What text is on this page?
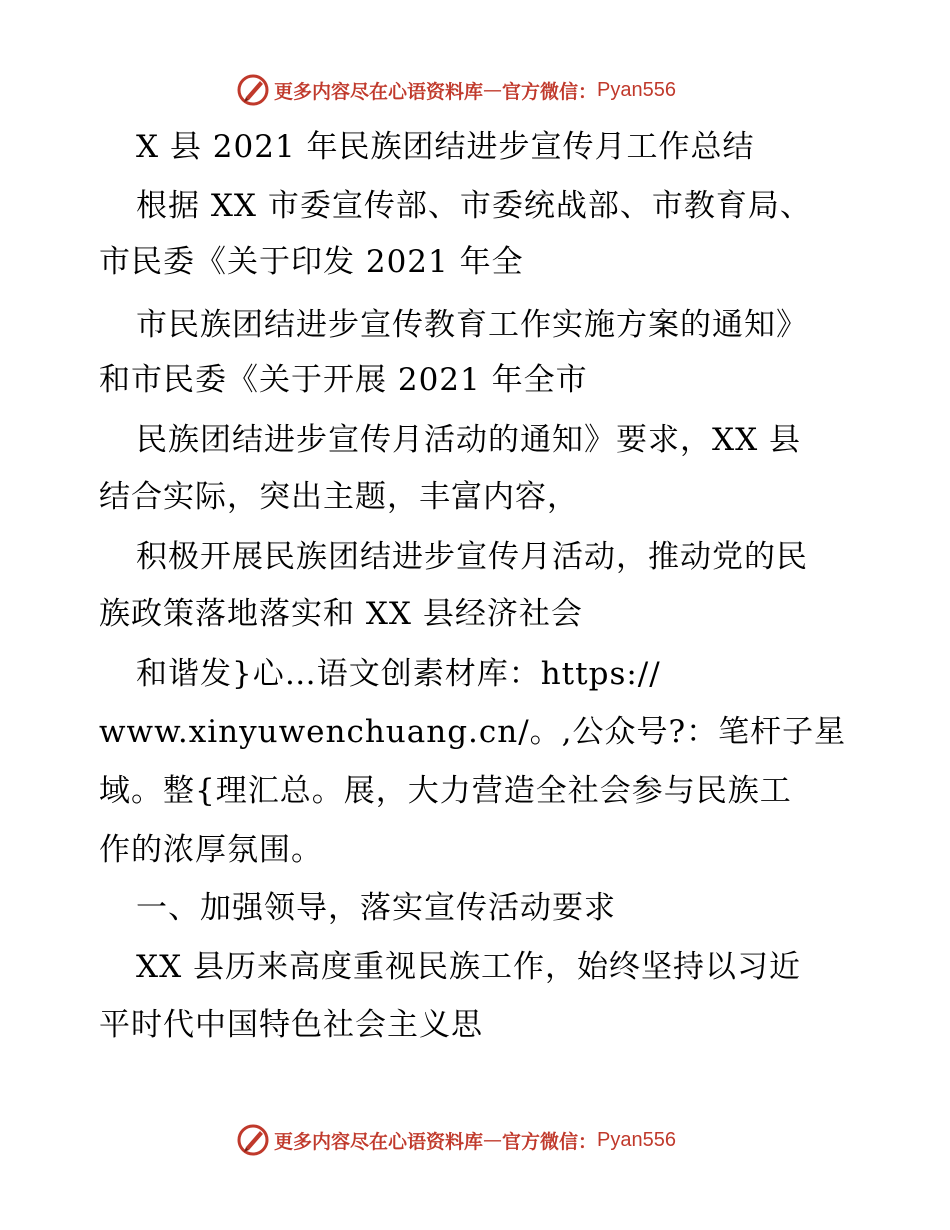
更多内容尽在心语资料库 — 官方微信： Pyan556
X 县 2021 年民族团结进步宣传月工作总结
根据 XX 市委宣传部、市委统战部、市教育局、
市民委《关于印发 2021 年全
市民族团结进步宣传教育工作实施方案的通知》
和市民委《关于开展 2021 年全市
民族团结进步宣传月活动的通知》要求，XX 县
结合实际，突出主题，丰富内容，
积极开展民族团结进步宣传月活动，推动党的民
族政策落地落实和 XX 县经济社会
和谐发}心…语文创素材库：https://
www.xinyuwenchuang.cn/。,公众号?：笔杆子星
域。整{理汇总。展，大力营造全社会参与民族工
作的浓厚氛围。
一、加强领导，落实宣传活动要求
XX 县历来高度重视民族工作，始终坚持以习近
平时代中国特色社会主义思
更多内容尽在心语资料库 — 官方微信： Pyan556
